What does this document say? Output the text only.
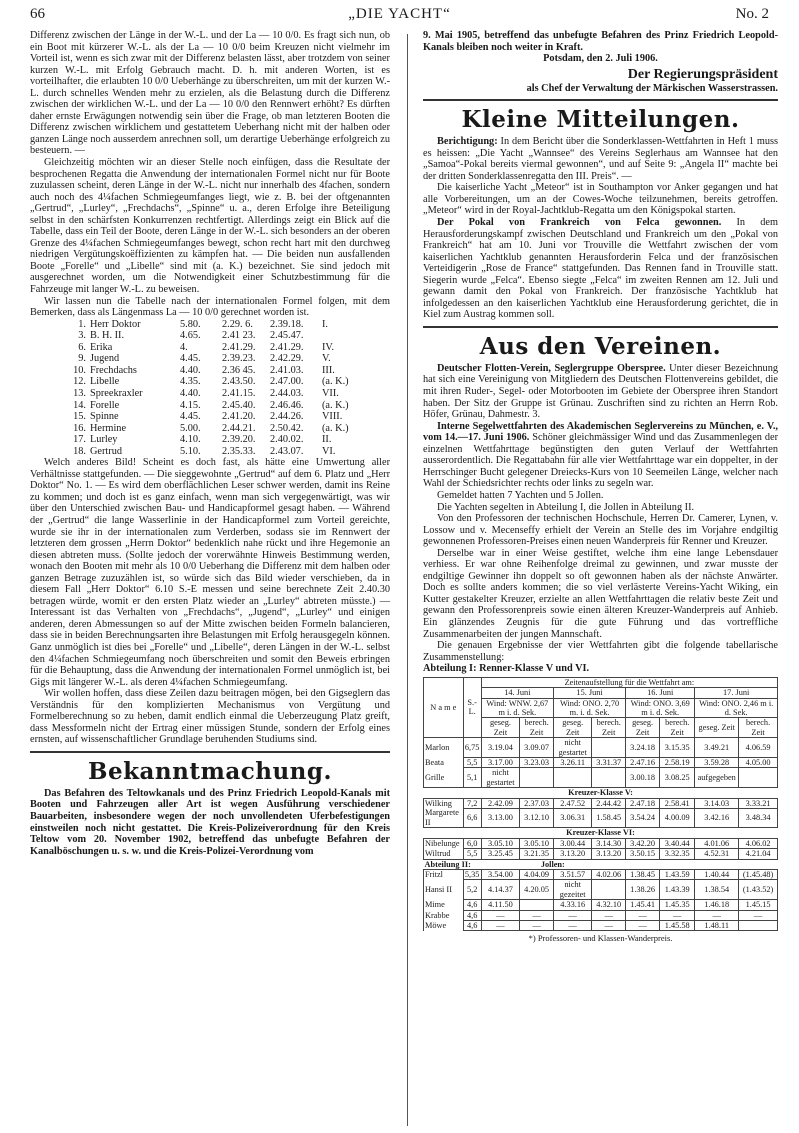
66	„DIE YACHT“	No. 2

Differenz zwischen der Länge in der W.-L. und der La — 10 0/0. Es fragt sich nun, ob ein Boot mit kürzerer W.-L. als der La — 10 0/0 beim Kreuzen nicht vielmehr im Vorteil ist, wenn es sich zwar mit der Differenz belasten lässt, aber trotzdem von seiner kurzen W.-L. mit Erfolg Gebrauch macht. D. h. mit anderen Worten, ist es vorteilhafter, die erlaubten 10 0/0 Ueberhänge zu überschreiten, um mit der kurzen W.-L. durch schnelles Wenden mehr zu erzielen, als die Belastung durch die Differenz zwischen der wirklichen W.-L. und der La — 10 0/0 den Rennwert erhöht? Es dürften daher ernste Erwägungen notwendig sein über die Frage, ob man letzteren Booten die Differenz zwischen wirklichem und gestattetem Ueberhang nicht mit der halben oder ganzen Länge noch ausserdem anrechnen soll, um derartige Ueberhänge erfolgreich zu besteuern. —

Gleichzeitig möchten wir an dieser Stelle noch einfügen, dass die Resultate der besprochenen Regatta die Anwendung der internationalen Formel nicht nur für Boote zuzulassen scheint, deren Länge in der W.-L. nicht nur innerhalb des 4fachen, sondern auch noch des 4¼fachen Schmiegeumfanges liegt, wie z. B. bei der oftgenannten „Gertrud“, „Lurley“, „Frechdachs“, „Spinne“ u. a., deren Erfolge ihre Beteiligung selbst in den schärfsten Konkurrenzen rechtfertigt. Allerdings zeigt ein Blick auf die Tabelle, dass ein Teil der Boote, deren Länge in der W.-L. sich besonders an der oberen Grenze des 4¼fachen Schmiegeumfanges bewegt, schon recht hart mit den durchweg niedrigen Vergütungskoëffizienten zu kämpfen hat. — Die beiden nun ausfallenden Boote „Forelle“ und „Libelle“ sind mit (a. K.) bezeichnet. Sie sind jedoch mit ausgerechnet worden, um die Notwendigkeit einer Schutzbestimmung für die Fahrzeuge mit langer W.-L. zu beweisen.

Wir lassen nun die Tabelle nach der internationalen Formel folgen, mit dem Bemerken, dass als Längenmass La — 10 0/0 gerechnet worden ist.

1. Herr Doktor	5.80.	2.29. 6.	2.39.18.	I.
3. B. H. II.	4.65.	2.41 23.	2.45.47.
6. Erika	4.	2.41.29.	2.41.29.	IV.
9. Jugend	4.45.	2.39.23.	2.42.29.	V.
10. Frechdachs	4.40.	2.36 45.	2.41.03.	III.
12. Libelle	4.35.	2.43.50.	2.47.00.	(a. K.)
13. Spreekraxler	4.40.	2.41.15.	2.44.03.	VII.
14. Forelle	4.15.	2.45.40.	2.46.46.	(a. K.)
15. Spinne	4.45.	2.41.20.	2.44.26.	VIII.
16. Hermine	5.00.	2.44.21.	2.50.42.	(a. K.)
17. Lurley	4.10.	2.39.20.	2.40.02.	II.
18. Gertrud	5.10.	2.35.33.	2.43.07.	VI.

Welch anderes Bild! Scheint es doch fast, als hätte eine Umwertung aller Verhältnisse stattgefunden. — Die sieggewohnte „Gertrud“ auf dem 6. Platz und „Herr Doktor“ No. 1. — Es wird dem oberflächlichen Leser schwer werden, damit ins Reine zu kommen; und doch ist es ganz einfach, wenn man sich vergegenwärtigt, was wir über den Unterschied zwischen Bau- und Handicapformel gesagt haben. — Während der „Gertrud“ die lange Wasserlinie in der Handicapformel zum Vorteil gereichte, wurde sie ihr in der internationalen zum Verderben, sodass sie im Rennwert der letzteren dem grossen „Herrn Doktor“ bedenklich nahe rückt und ihre Hegemonie an diesen abtreten muss. (Sollte jedoch der vorerwähnte Hinweis Bestimmung werden, wonach den Booten mit mehr als 10 0/0 Ueberhang die Differenz mit dem halben oder ganzen Betrage zuzuzählen ist, so würde sich das Bild wieder verschieben, da in diesem Fall „Herr Doktor“ 6.10 S.-E messen und seine berechnete Zeit 2.40.30 betragen würde, womit er den ersten Platz wieder an „Lurley“ abtreten müsste.) — Interessant ist das Verhalten von „Frechdachs“, „Jugend“, „Lurley“ und einigen anderen, deren Abmessungen so auf der Mitte zwischen beiden Formeln balancieren, dass sie in beiden Berechnungsarten ihre Belastungen mit Erfolg herausgegeln können. Ganz unmöglich ist dies bei „Forelle“ und „Libelle“, deren Längen in der W.-L. selbst den 4¼fachen Schmiegeumfang noch überschreiten und somit den Beweis erbringen für die Behauptung, dass die Anwendung der internationalen Formel unmöglich ist, bei Gigs mit längerer W.-L. als deren 4¼fachen Schmiegeumfang.

Wir wollen hoffen, dass diese Zeilen dazu beitragen mögen, bei den Gigseglern das Verständnis für den komplizierten Mechanismus von Vergütung und Formelberechnung so zu heben, damit endlich einmal die Ueberzeugung Platz greift, dass Messformeln nicht der Ertrag einer müssigen Stunde, sondern der Erfolg eines ernsten, auf wissenschaftlicher Grundlage beruhenden Studiums sind.

Bekanntmachung.

Das Befahren des Teltowkanals und des Prinz Friedrich Leopold-Kanals mit Booten und Fahrzeugen aller Art ist wegen Ausführung verschiedener Bauarbeiten, insbesondere wegen der noch unvollendeten Uferbefestigungen einstweilen noch nicht gestattet. Die Kreis-Polizeiverordnung für den Kreis Teltow vom 20. November 1902, betreffend das unbefugte Befahren der Kanalböschungen u. s. w. und die Kreis-Polizei-Verordnung vom

9. Mai 1905, betreffend das unbefugte Befahren des Prinz Friedrich Leopold-Kanals bleiben noch weiter in Kraft.

Potsdam, den 2. Juli 1906.

Der Regierungspräsident

als Chef der Verwaltung der Märkischen Wasserstrassen.

Kleine Mitteilungen.

Berichtigung: In dem Bericht über die Sonderklassen-Wettfahrten in Heft 1 muss es heissen: „Die Yacht „Wannsee“ des Vereins Seglerhaus am Wannsee hat den „Samoa“-Pokal bereits viermal gewonnen“, und auf Seite 9: „Angela II“ machte bei der dritten Sonderklassenregatta den III. Preis“. —

Die kaiserliche Yacht „Meteor“ ist in Southampton vor Anker gegangen und hat alle Vorbereitungen, um an der Cowes-Woche teilzunehmen, bereits getroffen. „Meteor“ wird in der Royal-Jachtklub-Regatta um den Königspokal starten.

Der Pokal von Frankreich von Felca gewonnen. In dem Herausforderungskampf zwischen Deutschland und Frankreich um den „Pokal von Frankreich“ hat am 10. Juni vor Trouville die Wettfahrt zwischen der vom kaiserlichen Yachtklub genannten Herausforderin Felca und der französischen Verteidigerin „Rose de France“ stattgefunden. Das Rennen fand in Trouville statt. Siegerin wurde „Felca“. Ebenso siegte „Felca“ im zweiten Rennen am 12. Juli und gewann damit den Pokal von Frankreich. Der französische Yachtklub hat infolgedessen an den kaiserlichen Yachtklub eine Herausforderung gerichtet, die in Kiel zum Austrag kommen soll.

Aus den Vereinen.

Deutscher Flotten-Verein, Seglergruppe Oberspree. Unter dieser Bezeichnung hat sich eine Vereinigung von Mitgliedern des Deutschen Flottenvereins gebildet, die mit ihren Ruder-, Segel- oder Motorbooten im Gebiete der Oberspree ihren Standort haben. Der Sitz der Gruppe ist Grünau. Zuschriften sind zu richten an Herrn Rob. Höfer, Grünau, Dahmestr. 3.

Interne Segelwettfahrten des Akademischen Seglervereins zu München, e. V., vom 14.—17. Juni 1906. Schöner gleichmässiger Wind und das Zusammenlegen der einzelnen Wettfahrttage begünstigten den guten Verlauf der Wettfahrten ausserordentlich. Die Regattabahn für alle vier Wettfahrttage war ein doppelter, in der Herrschinger Bucht gelegener Dreiecks-Kurs von 10 Seemeilen Länge, welcher nach Wahl der Schiedsrichter rechts oder links zu segeln war.

Gemeldet hatten 7 Yachten und 5 Jollen.

Die Yachten segelten in Abteilung I, die Jollen in Abteilung II.

Von den Professoren der technischen Hochschule, Herren Dr. Camerer, Lynen, v. Lossow und v. Mecenseffy erhielt der Verein an Stelle des im Vorjahre endgiltig gewonnenen Professoren-Preises einen neuen Wanderpreis für Renner und Kreuzer.

Derselbe war in einer Weise gestiftet, welche ihm eine lange Lebensdauer verhiess. Er war ohne Reihenfolge dreimal zu gewinnen, und zwar musste der endgiltige Gewinner ihn doppelt so oft gewonnen haben als der nächste Anwärter. Doch es sollte anders kommen; die so viel verlästerte Vereins-Yacht Wiking, ein Kutter gestakelter Kreuzer, erzielte an allen Wettfahrttagen die relativ beste Zeit und gewann den Professorenpreis sowie einen älteren Kreuzer-Wanderpreis auf Anhieb. Ein glänzendes Zeugnis für die gute Führung und das vortreffliche Zusammenarbeiten der jungen Mannschaft.

Die genauen Ergebnisse der vier Wettfahrten gibt die folgende tabellarische Zusammenstellung:

Abteilung I: Renner-Klasse V und VI.

N a m e	S.-L.	Zeitenaufstellung für die Wettfahrt am:							
		14. Juni		15. Juni		16. Juni		17. Juni	
		Wind: WNW. 2,67 m i. d. Sek.		Wind: ONO. 2,70 m. i. d. Sek.		Wind: ONO. 3,69 m i. d. Sek.		Wind: ONO. 2,46 m i. d. Sek.	
		geseg. Zeit	berech. Zeit	geseg. Zeit	berech. Zeit	geseg. Zeit	berech. Zeit	geseg. Zeit	berech. Zeit
Marlon	6,75	3.19.04	3.09.07	nicht gestartet		3.24.18	3.15.35	3.49.21	4.06.59
Beata	5,5	3.17.00	3.23.03	3.26.11	3.31.37	2.47.16	2.58.19	3.59.28	4.05.00
Grille	5,1	nicht gestartet				3.00.18	3.08.25	aufgegeben	
Kreuzer-Klasse V:									
Wilking	7,2	2.42.09	2.37.03	2.47.52	2.44.42	2.47.18	2.58.41	3.14.03	3.33.21
Margarete II	6,6	3.13.00	3.12.10	3.06.31	1.58.45	3.54.24	4.00.09	3.42.16	3.48.34
Kreuzer-Klasse VI:									
Nibelunge	6,0	3.05.10	3.05.10	3.00.44	3.14.30	3.42.20	3.40.44	4.01.06	4.06.02
Wiltrud	5,5	3.25.45	3.21.35	3.13.20	3.13.20	3.50.15	3.32.35	4.52.31	4.21.04
Abteilung II: Jollen:									
Fritzl	5,35	3.54.00	4.04.09	3.51.57	4.02.06	1.38.45	1.43.59	1.40.44	(1.45.48)
Hansi II	5,2	4.14.37	4.20.05	nicht gezeitet		1.38.26	1.43.39	1.38.54	(1.43.52)
Mime	4,6	4.11.50		4.33.16	4.32.10	1.45.41	1.45.35	1.46.18	1.45.15
Krabbe	4,6	—	—	—	—	—	—	—	—
Möwe	4,6	—	—	—	—	—	1.45.58	1.48.11	

*) Professoren- und Klassen-Wanderpreis.
